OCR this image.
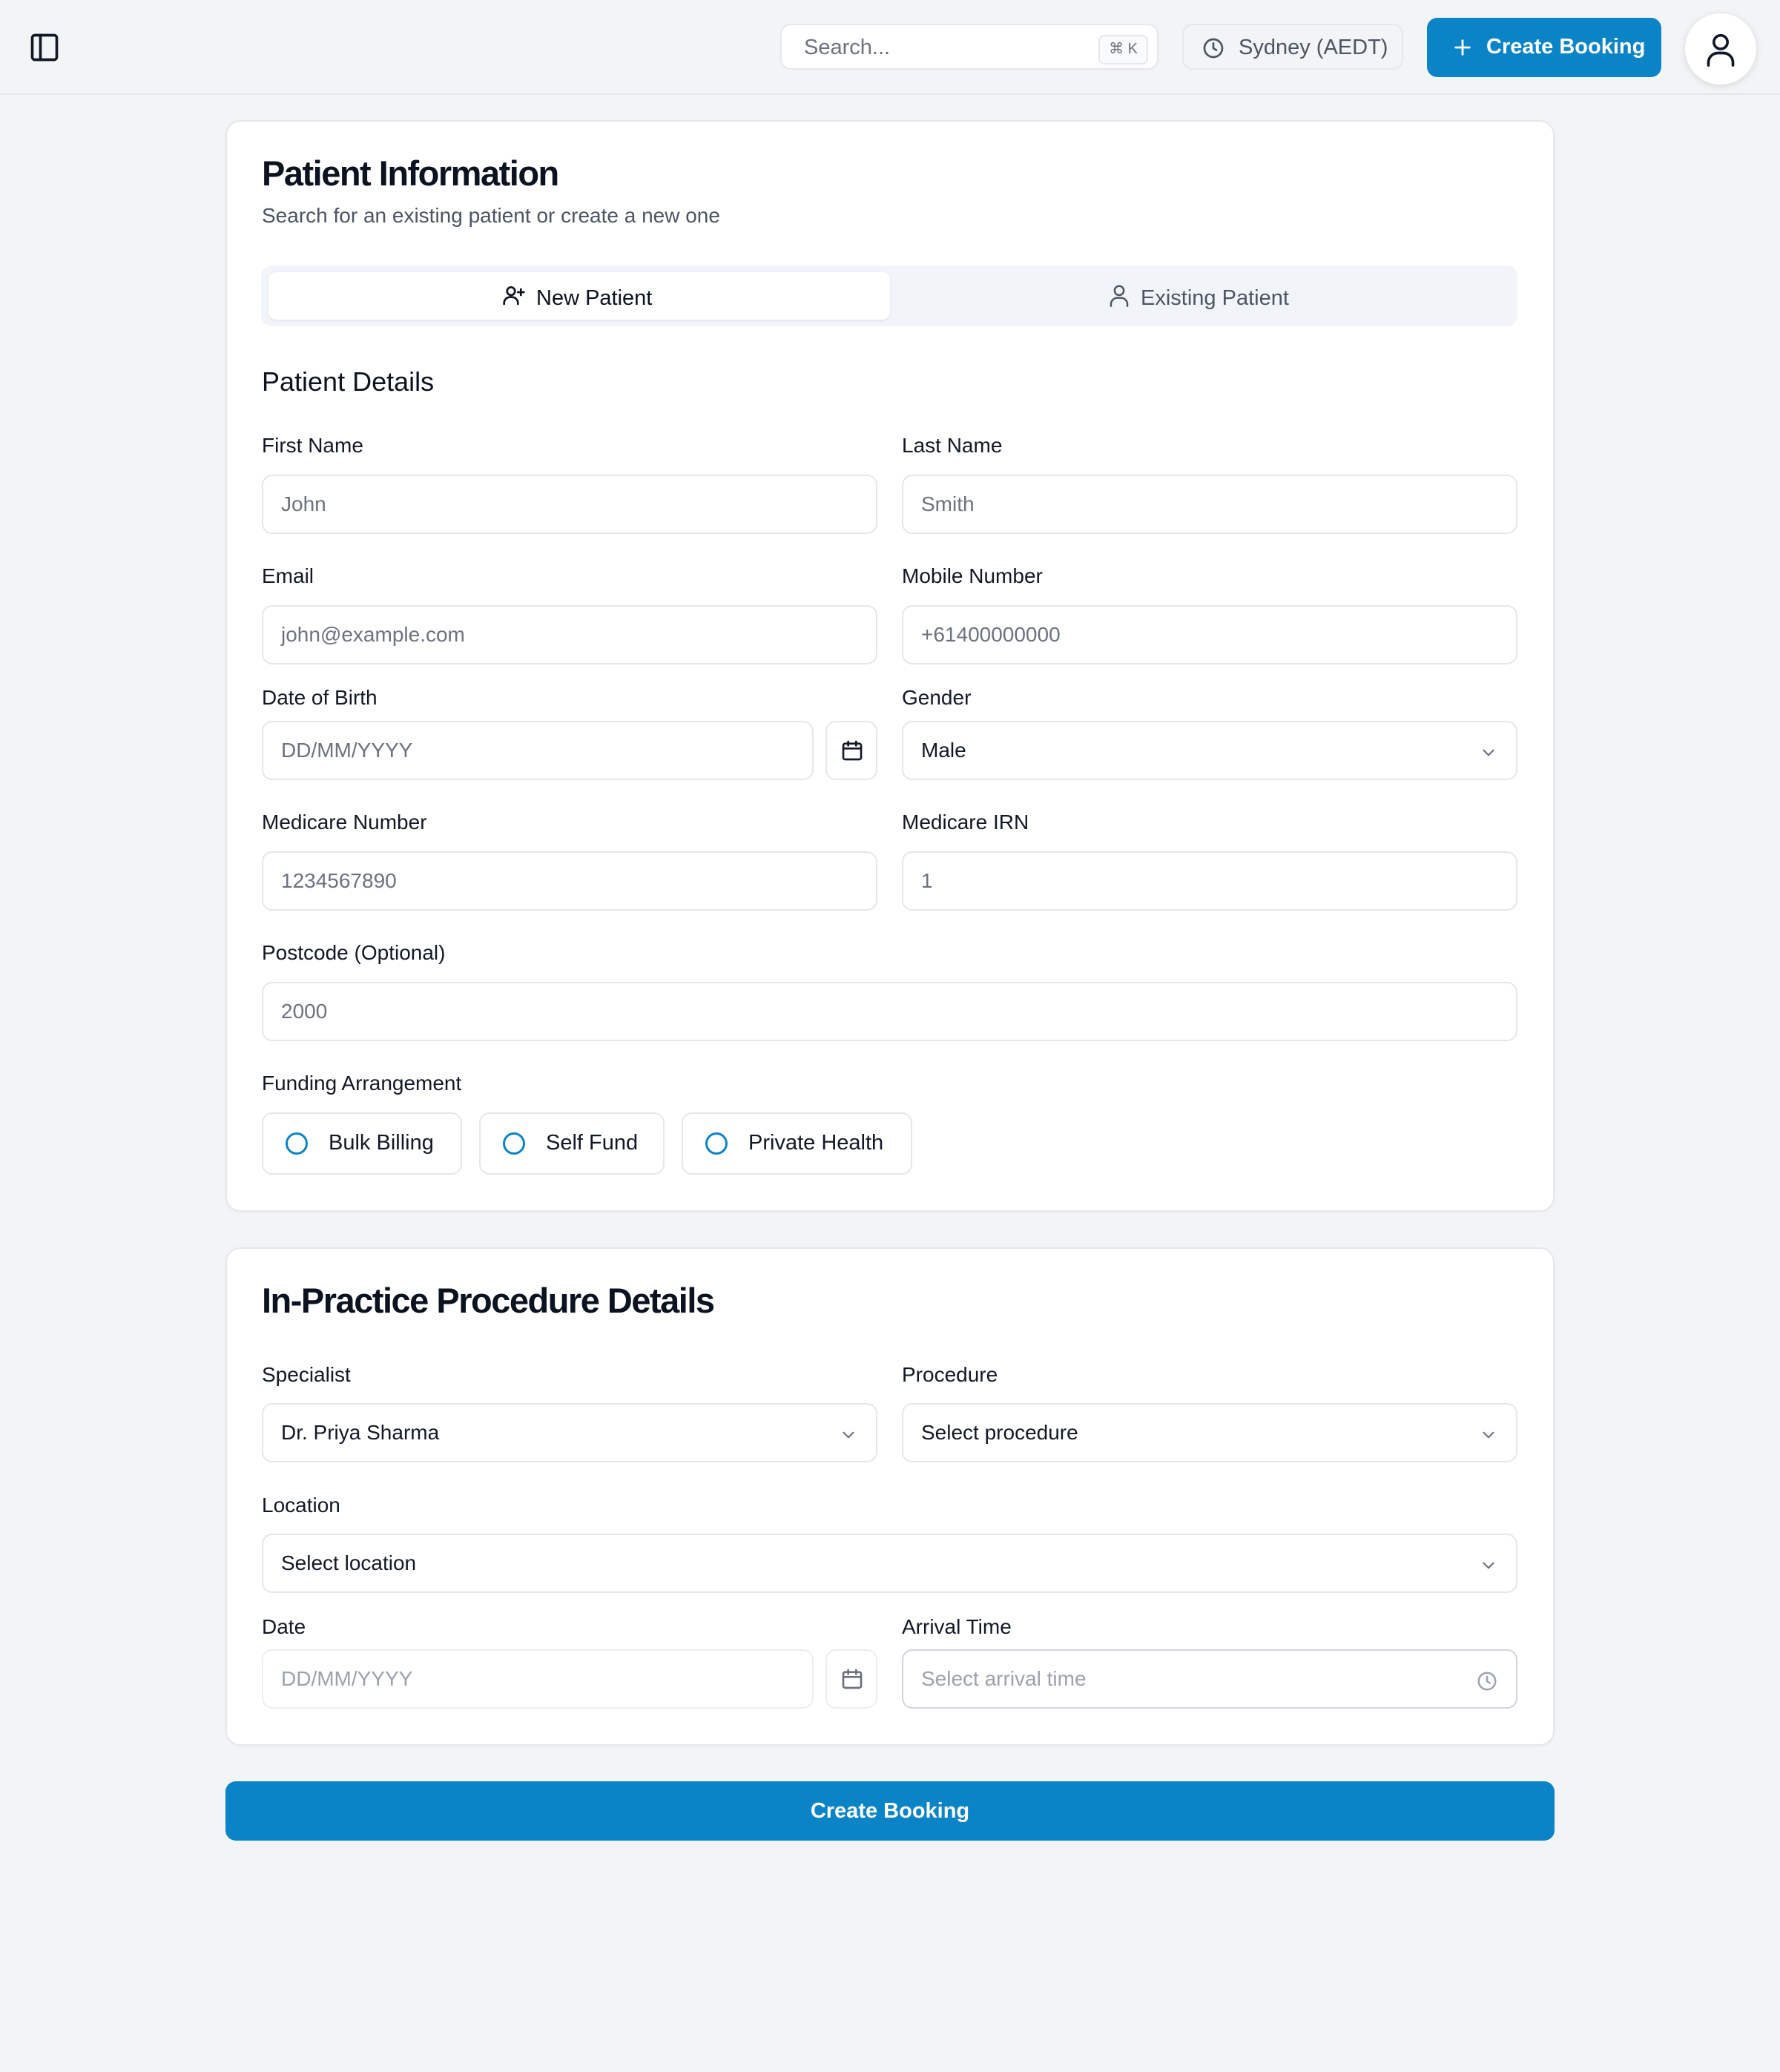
Search...	⌘ K	Sydney (AEDT)	Create Booking
Patient Information
Search for an existing patient or create a new one
New Patient	Existing Patient
Patient Details
First Name	Last Name
John	Smith
Email	Mobile Number
john@example.com	+61400000000
Date of Birth	Gender
DD/MM/YYYY	Male
Medicare Number	Medicare IRN
1234567890	1
Postcode (Optional)
2000
Funding Arrangement
Bulk Billing	Self Fund	Private Health
In-Practice Procedure Details
Specialist	Procedure
Dr. Priya Sharma	Select procedure
Location
Select location
Date	Arrival Time
DD/MM/YYYY	Select arrival time
Create Booking
